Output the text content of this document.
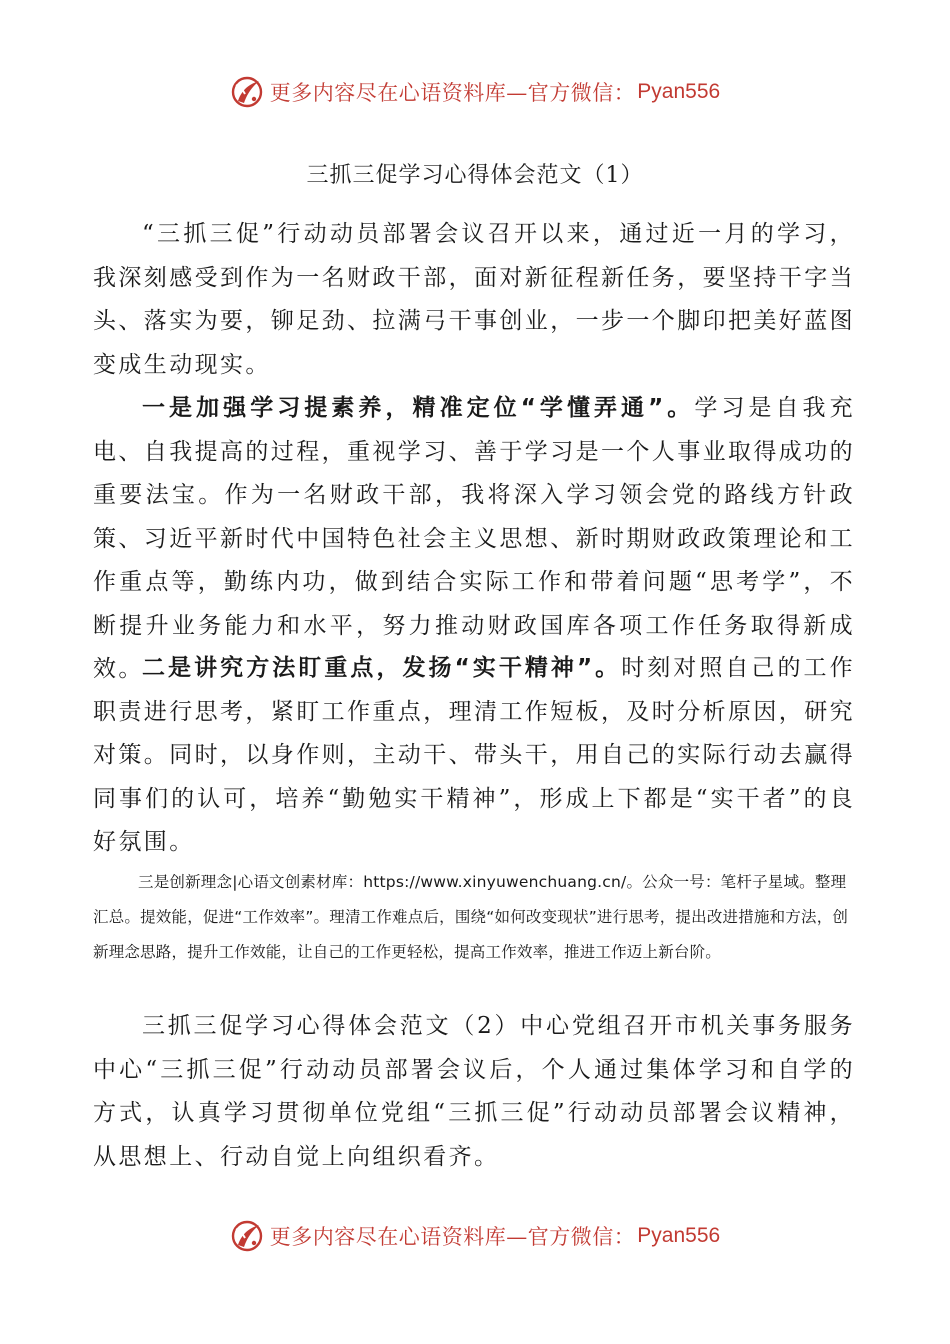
更多内容尽在心语资料库—官方微信： Pyan556
三抓三促学习心得体会范文（1）

“三抓三促”行动动员部署会议召开以来，通过近一月的学习，我深刻感受到作为一名财政干部，面对新征程新任务，要坚持干字当头、落实为要，铆足劲、拉满弓干事创业，一步一个脚印把美好蓝图变成生动现实。

一是加强学习提素养，精准定位“学懂弄通”。学习是自我充电、自我提高的过程，重视学习、善于学习是一个人事业取得成功的重要法宝。作为一名财政干部，我将深入学习领会党的路线方针政策、习近平新时代中国特色社会主义思想、新时期财政政策理论和工作重点等，勤练内功，做到结合实际工作和带着问题“思考学”，不断提升业务能力和水平，努力推动财政国库各项工作任务取得新成效。

二是讲究方法盯重点，发扬“实干精神”。时刻对照自己的工作职责进行思考，紧盯工作重点，理清工作短板，及时分析原因，研究对策。同时，以身作则，主动干、带头干，用自己的实际行动去赢得同事们的认可，培养“勤勉实干精神”，形成上下都是“实干者”的良好氛围。

三是创新理念|心语文创素材库：https://www.xinyuwenchuang.cn/。公众一号：笔杆子星域。整理汇总。提效能，促进“工作效率”。理清工作难点后，围绕“如何改变现状”进行思考，提出改进措施和方法，创新理念思路，提升工作效能，让自己的工作更轻松，提高工作效率，推进工作迈上新台阶。

三抓三促学习心得体会范文（2）中心党组召开市机关事务服务中心“三抓三促”行动动员部署会议后，个人通过集体学习和自学的方式，认真学习贯彻单位党组“三抓三促”行动动员部署会议精神，从思想上、行动自觉上向组织看齐。

更多内容尽在心语资料库—官方微信： Pyan556
